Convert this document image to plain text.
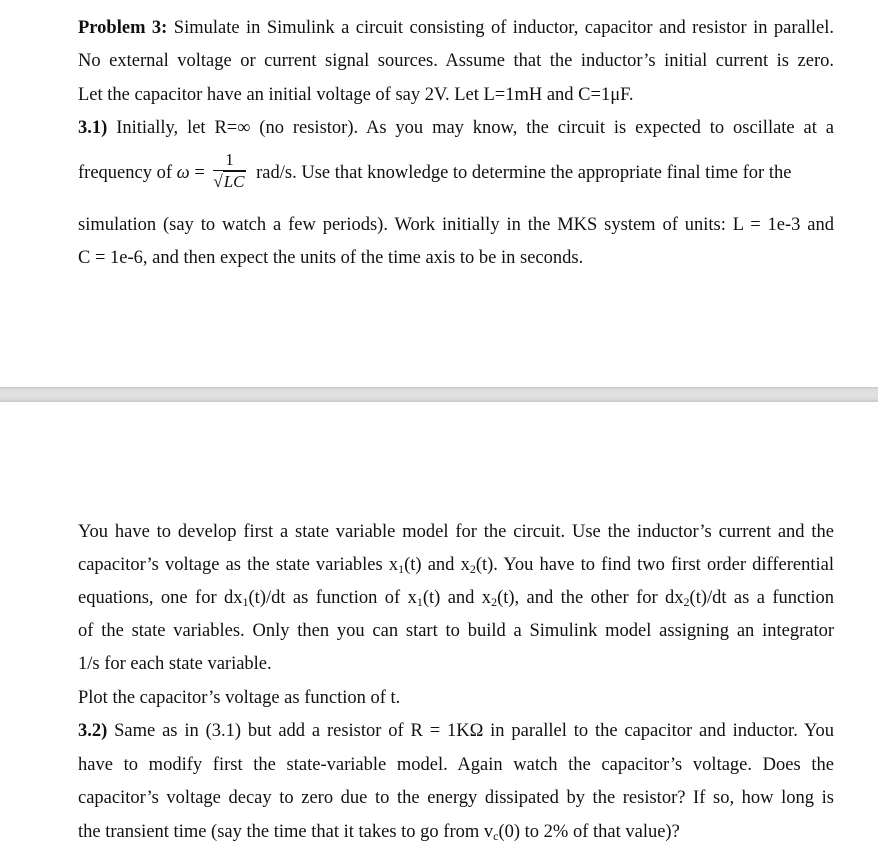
Problem 3: Simulate in Simulink a circuit consisting of inductor, capacitor and resistor in parallel.
No external voltage or current signal sources. Assume that the inductor’s initial current is zero.
Let the capacitor have an initial voltage of say 2V. Let L=1mH and C=1μF.
3.1) Initially, let R=∞ (no resistor). As you may know, the circuit is expected to oscillate at a
frequency of $\omega = \frac{1}{√LC} rad/s$. Use that knowledge to determine the appropriate final time for the
simulation (say to watch a few periods). Work initially in the MKS system of units: L = 1e-3 and
C = 1e-6, and then expect the units of the time axis to be in seconds.
You have to develop first a state variable model for the circuit. Use the inductor’s current and the
capacitor’s voltage as the state variables x1(t) and x2(t). You have to find two first order differential
equations, one for dx1(t)/dt as function of x1(t) and x2(t), and the other for dx2(t)/dt as a function
of the state variables. Only then you can start to build a Simulink model assigning an integrator
1/s for each state variable.
Plot the capacitor’s voltage as function of t.
3.2) Same as in (3.1) but add a resistor of R = 1KΩ in parallel to the capacitor and inductor. You
have to modify first the state-variable model. Again watch the capacitor’s voltage. Does the
capacitor’s voltage decay to zero due to the energy dissipated by the resistor? If so, how long is
the transient time (say the time that it takes to go from vc(0) to 2% of that value)?
